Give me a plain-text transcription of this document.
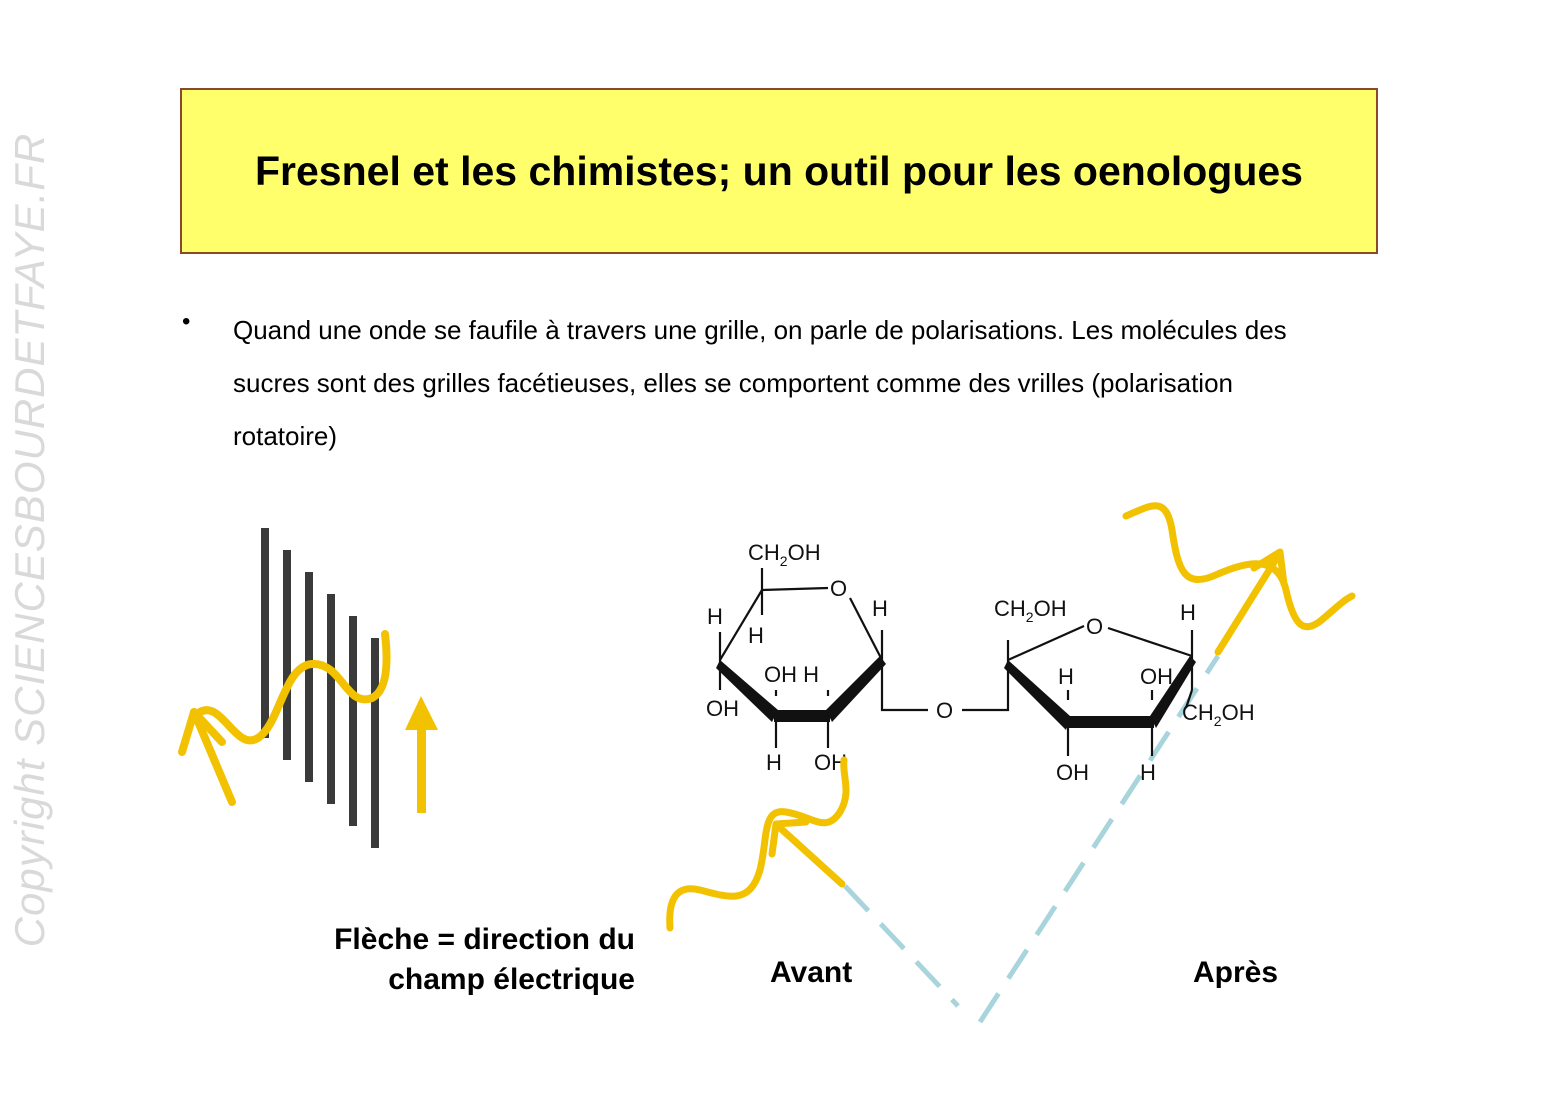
Copyright SCIENCESBOURDETFAYE.FR	Fresnel et les chimistes; un outil pour les oenologues
• Quand une onde se faufile à travers une grille, on parle de polarisations. Les molécules des sucres sont des grilles facétieuses, elles se comportent comme des vrilles (polarisation rotatoire)

$CH_2OH$
O
H
H
H
OH H
OH
H OH
O
$CH_2OH$
O
H
H	OH
$CH_2OH$
OH H

Flèche = direction du
champ électrique	Avant	Après
